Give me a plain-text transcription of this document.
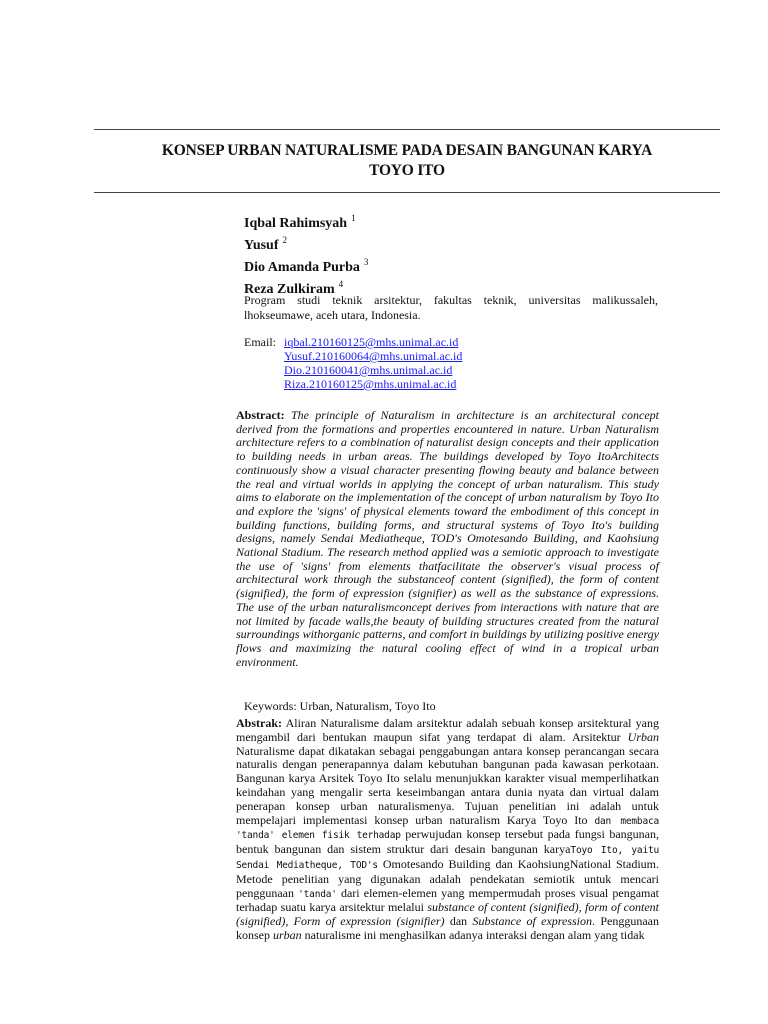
KONSEP URBAN NATURALISME PADA DESAIN BANGUNAN KARYA
TOYO ITO
Iqbal Rahimsyah $^1$
Yusuf $^2$
Dio Amanda Purba $^3$
Reza Zulkiram $^4$
Program studi teknik arsitektur, fakultas teknik, universitas malikussaleh, lhokseumawe, aceh utara, Indonesia.
Email: iqbal.210160125@mhs.unimal.ac.id
Yusuf.210160064@mhs.unimal.ac.id
Dio.210160041@mhs.unimal.ac.id
Riza.210160125@mhs.unimal.ac.id
Abstract: The principle of Naturalism in architecture is an architectural concept derived from the formations and properties encountered in nature. Urban Naturalism architecture refers to a combination of naturalist design concepts and their application to building needs in urban areas. The buildings developed by Toyo ItoArchitects continuously show a visual character presenting flowing beauty and balance between the real and virtual worlds in applying the concept of urban naturalism. This study aims to elaborate on the implementation of the concept of urban naturalism by Toyo Ito and explore the 'signs' of physical elements toward the embodiment of this concept in building functions, building forms, and structural systems of Toyo Ito's building designs, namely Sendai Mediatheque, TOD's Omotesando Building, and Kaohsiung National Stadium. The research method applied was a semiotic approach to investigate the use of 'signs' from elements thatfacilitate the observer's visual process of architectural work through the substanceof content (signified), the form of content (signified), the form of expression (signifier) as well as the substance of expressions. The use of the urban naturalismconcept derives from interactions with nature that are not limited by facade walls,the beauty of building structures created from the natural surroundings withorganic patterns, and comfort in buildings by utilizing positive energy flows and maximizing the natural cooling effect of wind in a tropical urban environment.
Keywords: Urban, Naturalism, Toyo Ito
Abstrak: Aliran Naturalisme dalam arsitektur adalah sebuah konsep arsitektural yang mengambil dari bentukan maupun sifat yang terdapat di alam. Arsitektur Urban Naturalisme dapat dikatakan sebagai penggabungan antara konsep perancangan secara naturalis dengan penerapannya dalam kebutuhan bangunan pada kawasan perkotaan. Bangunan karya Arsitek Toyo Ito selalu menunjukkan karakter visual memperlihatkan keindahan yang mengalir serta keseimbangan antara dunia nyata dan virtual dalam penerapan konsep urban naturalismenya. Tujuan penelitian ini adalah untuk mempelajari implementasi konsep urban naturalism Karya Toyo Ito dan membaca 'tanda' elemen fisik terhadap perwujudan konsep tersebut pada fungsi bangunan, bentuk bangunan dan sistem struktur dari desain bangunan karyaToyo Ito, yaitu Sendai Mediatheque, TOD's Omotesando Building dan KaohsiungNational Stadium. Metode penelitian yang digunakan adalah pendekatan semiotik untuk mencari penggunaan 'tanda' dari elemen-elemen yang mempermudah proses visual pengamat terhadap suatu karya arsitektur melalui substance of content (signified), form of content (signified), Form of expression (signifier) dan Substance of expression. Penggunaan konsep urban naturalisme ini menghasilkan adanya interaksi dengan alam yang tidak
